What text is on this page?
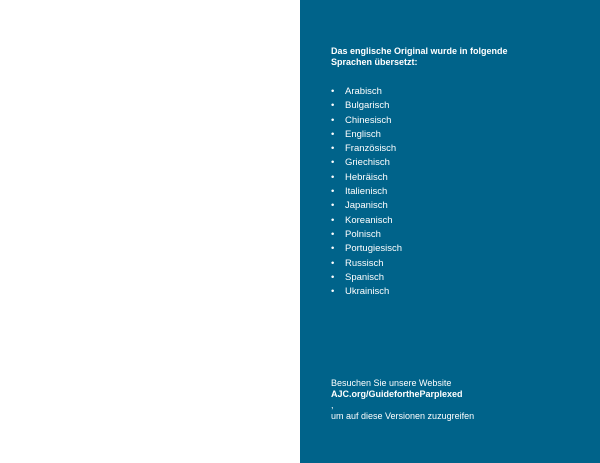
Das englische Original wurde in folgende
Sprachen übersetzt:

• Arabisch
• Bulgarisch
• Chinesisch
• Englisch
• Französisch
• Griechisch
• Hebräisch
• Italienisch
• Japanisch
• Koreanisch
• Polnisch
• Portugiesisch
• Russisch
• Spanisch
• Ukrainisch

Besuchen Sie unsere Website
AJC.org/GuidefortheParplexed
,
um auf diese Versionen zuzugreifen
